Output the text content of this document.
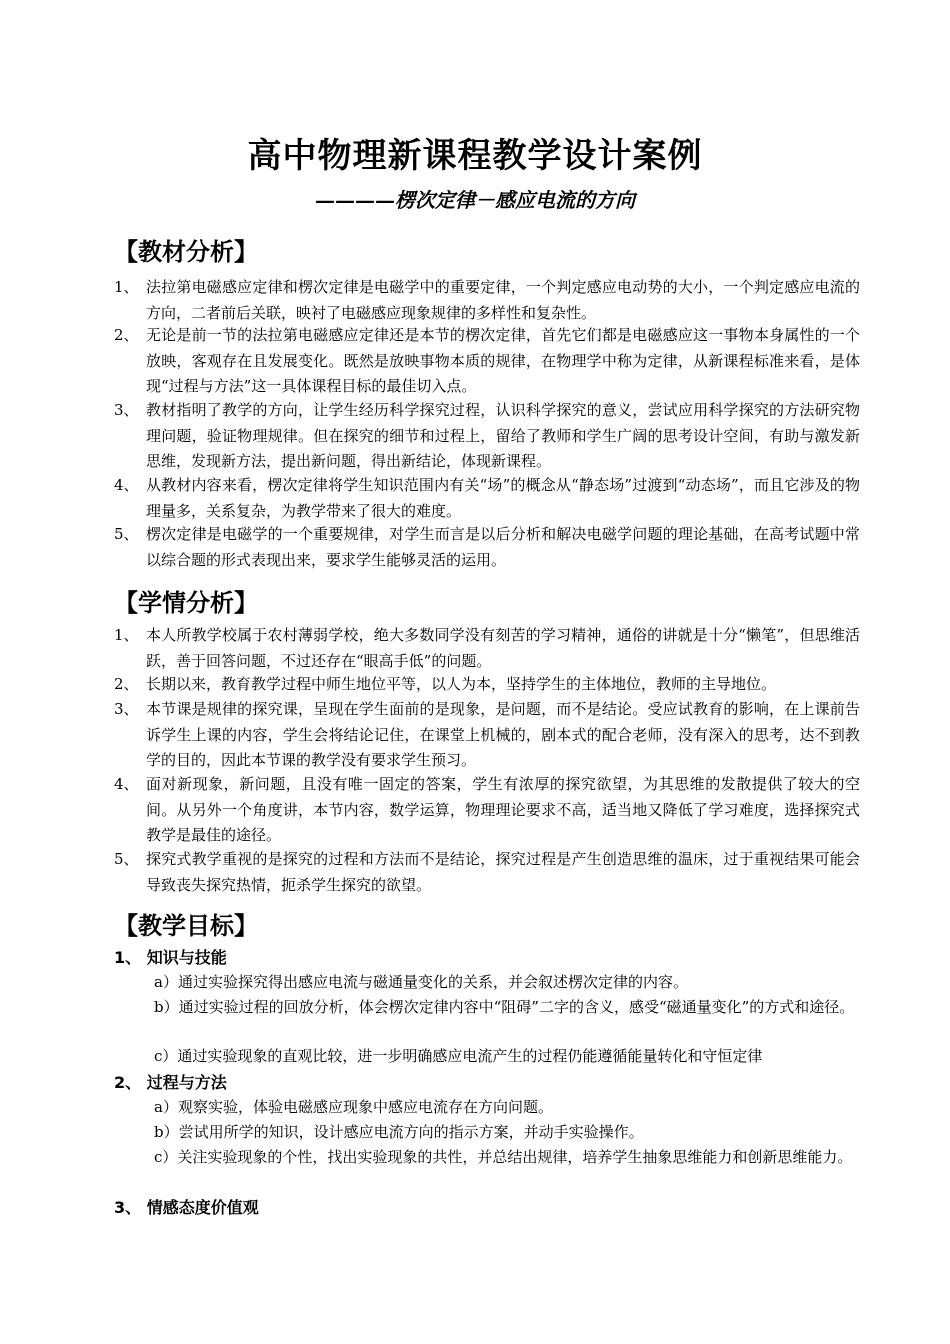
高中物理新课程教学设计案例
————楞次定律－感应电流的方向
【教材分析】
1、 法拉第电磁感应定律和楞次定律是电磁学中的重要定律，一个判定感应电动势的大小，一个判定感应电流的方向，二者前后关联，映衬了电磁感应现象规律的多样性和复杂性。
2、 无论是前一节的法拉第电磁感应定律还是本节的楞次定律，首先它们都是电磁感应这一事物本身属性的一个放映，客观存在且发展变化。既然是放映事物本质的规律，在物理学中称为定律，从新课程标准来看，是体现“过程与方法”这一具体课程目标的最佳切入点。
3、 教材指明了教学的方向，让学生经历科学探究过程，认识科学探究的意义，尝试应用科学探究的方法研究物理问题，验证物理规律。但在探究的细节和过程上，留给了教师和学生广阔的思考设计空间，有助与激发新思维，发现新方法，提出新问题，得出新结论，体现新课程。
4、 从教材内容来看，楞次定律将学生知识范围内有关“场”的概念从“静态场”过渡到“动态场”，而且它涉及的物理量多，关系复杂，为教学带来了很大的难度。
5、 楞次定律是电磁学的一个重要规律，对学生而言是以后分析和解决电磁学问题的理论基础，在高考试题中常以综合题的形式表现出来，要求学生能够灵活的运用。
【学情分析】
1、 本人所教学校属于农村薄弱学校，绝大多数同学没有刻苦的学习精神，通俗的讲就是十分“懒笔”，但思维活跃，善于回答问题，不过还存在“眼高手低”的问题。
2、 长期以来，教育教学过程中师生地位平等，以人为本，坚持学生的主体地位，教师的主导地位。
3、 本节课是规律的探究课，呈现在学生面前的是现象，是问题，而不是结论。受应试教育的影响，在上课前告诉学生上课的内容，学生会将结论记住，在课堂上机械的，剧本式的配合老师，没有深入的思考，达不到教学的目的，因此本节课的教学没有要求学生预习。
4、 面对新现象，新问题，且没有唯一固定的答案，学生有浓厚的探究欲望，为其思维的发散提供了较大的空间。从另外一个角度讲，本节内容，数学运算，物理理论要求不高，适当地又降低了学习难度，选择探究式教学是最佳的途径。
5、 探究式教学重视的是探究的过程和方法而不是结论，探究过程是产生创造思维的温床，过于重视结果可能会导致丧失探究热情，扼杀学生探究的欲望。
【教学目标】
1、 知识与技能
a）通过实验探究得出感应电流与磁通量变化的关系，并会叙述楞次定律的内容。
b）通过实验过程的回放分析，体会楞次定律内容中“阻碍”二字的含义，感受“磁通量变化”的方式和途径。
c）通过实验现象的直观比较，进一步明确感应电流产生的过程仍能遵循能量转化和守恒定律
2、 过程与方法
a）观察实验，体验电磁感应现象中感应电流存在方向问题。
b）尝试用所学的知识，设计感应电流方向的指示方案，并动手实验操作。
c）关注实验现象的个性，找出实验现象的共性，并总结出规律，培养学生抽象思维能力和创新思维能力。
3、 情感态度价值观
